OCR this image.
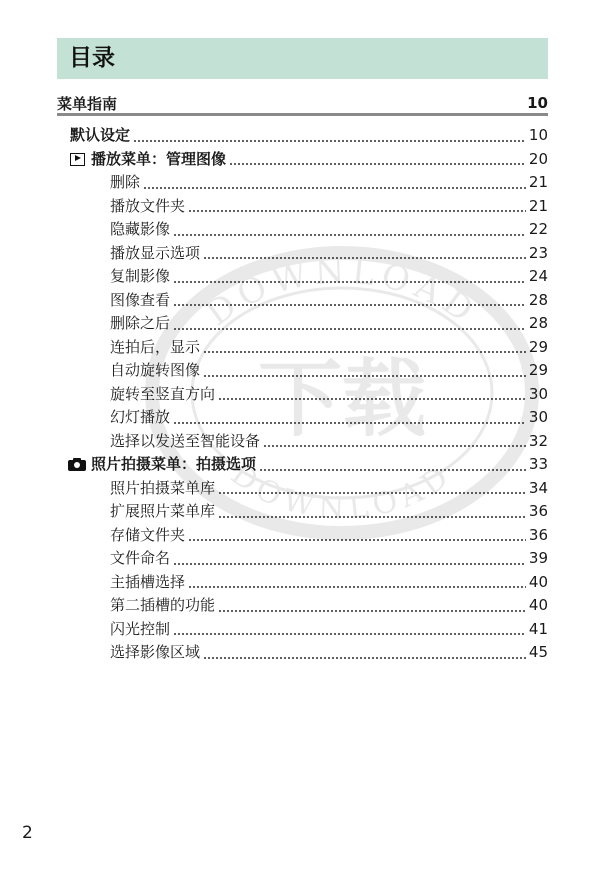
DO AD
D W O D
目录
菜单指南	10
默认设定	10
播放菜单：管理图像	20
删除	21
播放文件夹	21
隐藏影像	22
播放显示选项	23
复制影像	24
图像查看	28
删除之后	28
连拍后，显示	29
自动旋转图像	29
旋转至竖直方向	30
幻灯播放	30
选择以发送至智能设备	32
照片拍摄菜单：拍摄选项	33
照片拍摄菜单库	34
扩展照片菜单库	36
存储文件夹	36
文件命名	39
主插槽选择	40
第二插槽的功能	40
闪光控制	41
选择影像区域	45
2
